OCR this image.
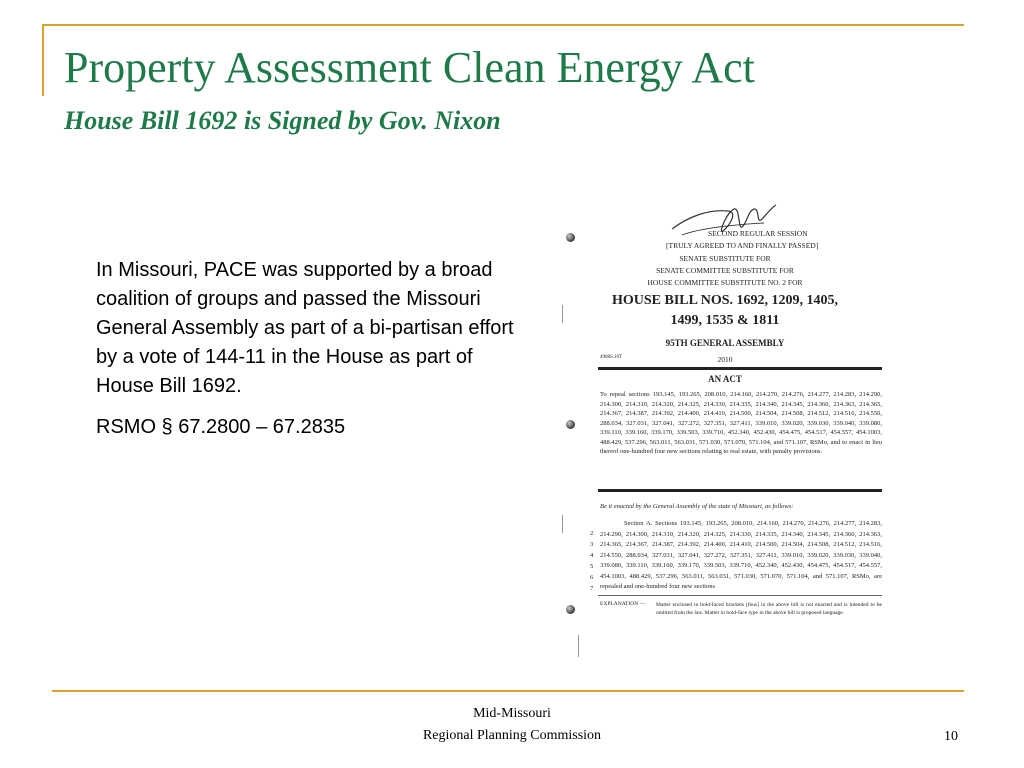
Property Assessment Clean Energy Act
House Bill 1692 is Signed by Gov. Nixon

In Missouri, PACE was supported by a broad coalition of groups and passed the Missouri General Assembly as part of a bi-partisan effort by a vote of 144-11 in the House as part of House Bill 1692.

RSMO § 67.2800 – 67.2835

SECOND REGULAR SESSION
[TRULY AGREED TO AND FINALLY PASSED]
SENATE SUBSTITUTE FOR
SENATE COMMITTEE SUBSTITUTE FOR
HOUSE COMMITTEE SUBSTITUTE NO. 2 FOR
HOUSE BILL NOS. 1692, 1209, 1405,
1499, 1535 & 1811
95TH GENERAL ASSEMBLY
4908S.10T	2010
AN ACT
To repeal sections 193.145, 193.265, 208.010, 214.160, 214.270, 214.276, 214.277, 214.283, 214.290, 214.300, 214.310, 214.320, 214.325, 214.330, 214.335, 214.340, 214.345, 214.360, 214.363, 214.365, 214.367, 214.387, 214.392, 214.400, 214.410, 214.500, 214.504, 214.508, 214.512, 214.516, 214.550, 288.034, 327.031, 327.041, 327.272, 327.351, 327.411, 339.010, 339.020, 339.030, 339.040, 339.080, 339.110, 339.160, 339.170, 339.503, 339.710, 452.340, 452.430, 454.475, 454.517, 454.557, 454.1003, 488.429, 537.296, 563.011, 563.031, 571.030, 571.070, 571.104, and 571.107, RSMo, and to enact in lieu thereof one-hundred four new sections relating to real estate, with penalty provisions.
Be it enacted by the General Assembly of the state of Missouri, as follows:
Section A. Sections 193.145, 193.265, 208.010, 214.160, 214.270, 214.276, 214.277, 214.283, 214.290, 214.300, 214.310, 214.320, 214.325, 214.330, 214.335, 214.340, 214.345, 214.360, 214.363, 214.365, 214.367, 214.387, 214.392, 214.400, 214.410, 214.500, 214.504, 214.508, 214.512, 214.516, 214.550, 288.034, 327.031, 327.041, 327.272, 327.351, 327.411, 339.010, 339.020, 339.030, 339.040, 339.080, 339.110, 339.160, 339.170, 339.503, 339.710, 452.340, 452.430, 454.475, 454.517, 454.557, 454.1003, 488.429, 537.296, 563.011, 563.031, 571.030, 571.070, 571.104, and 571.107, RSMo, are repealed and one-hundred four new sections
2
3
4
5
6
7
EXPLANATION — Matter enclosed in bold-faced brackets [thus] in the above bill is not enacted and is intended to be omitted from the law. Matter in bold-face type in the above bill is proposed language.
Mid-Missouri
Regional Planning Commission	10
